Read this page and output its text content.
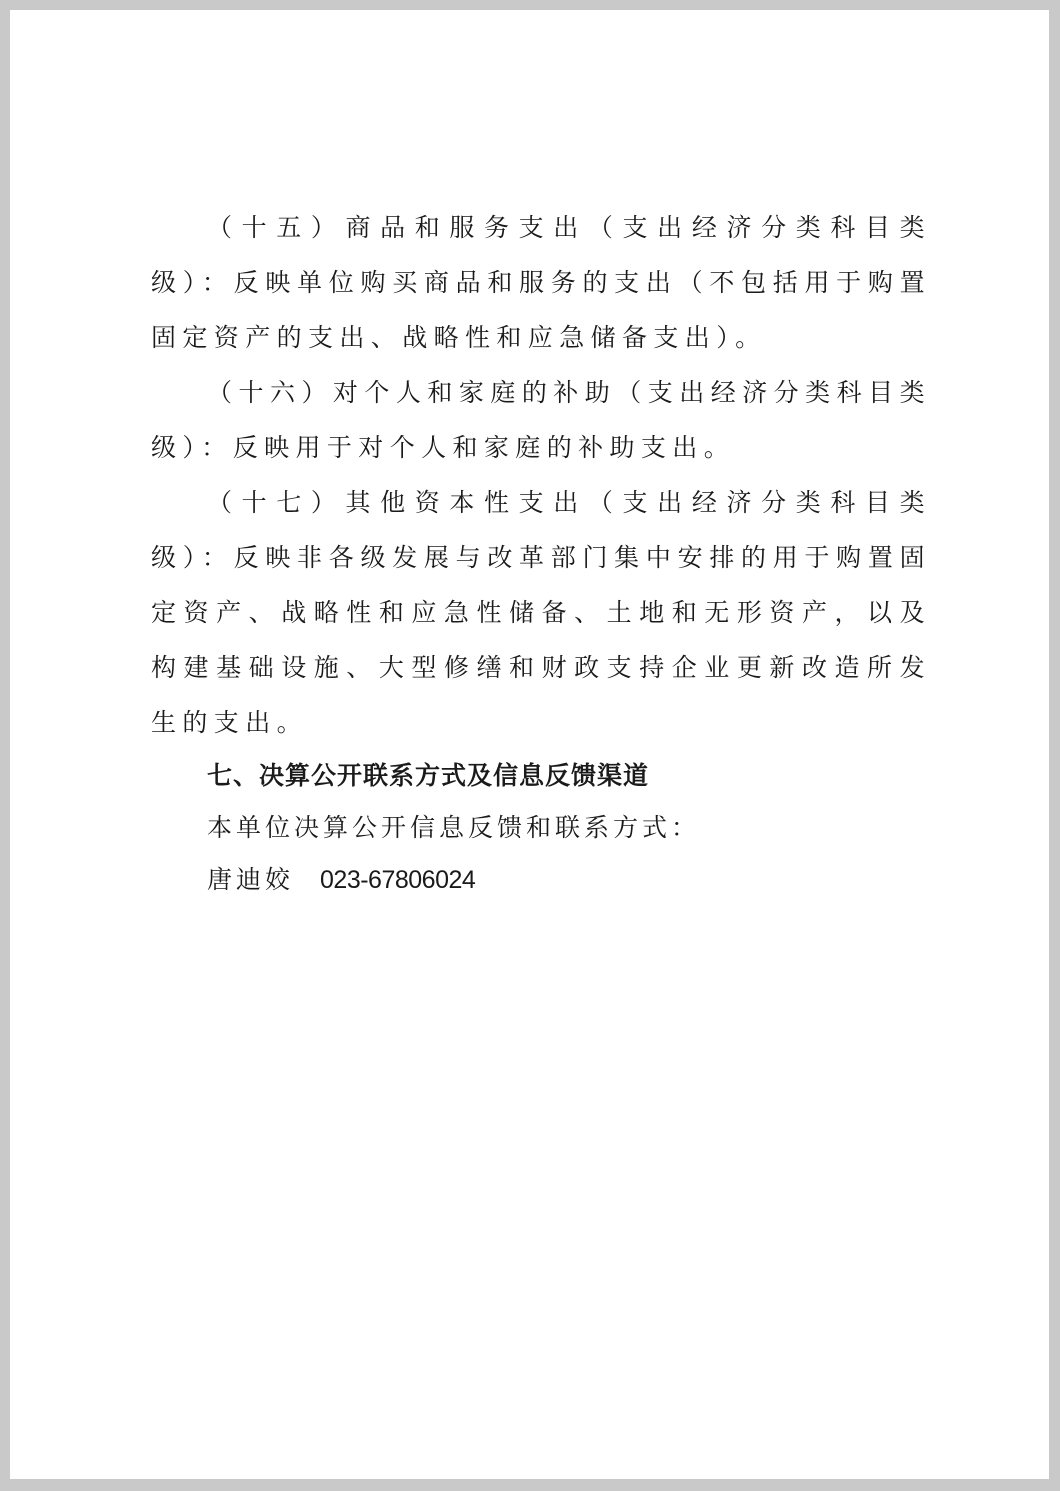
（十五）商品和服务支出（支出经济分类科目类级）：反映单位购买商品和服务的支出（不包括用于购置固定资产的支出、战略性和应急储备支出）。

（十六）对个人和家庭的补助（支出经济分类科目类级）：反映用于对个人和家庭的补助支出。

（十七）其他资本性支出（支出经济分类科目类级）：反映非各级发展与改革部门集中安排的用于购置固定资产、战略性和应急性储备、土地和无形资产，以及构建基础设施、大型修缮和财政支持企业更新改造所发生的支出。

七、决算公开联系方式及信息反馈渠道

本单位决算公开信息反馈和联系方式：

唐迪姣 023-67806024
